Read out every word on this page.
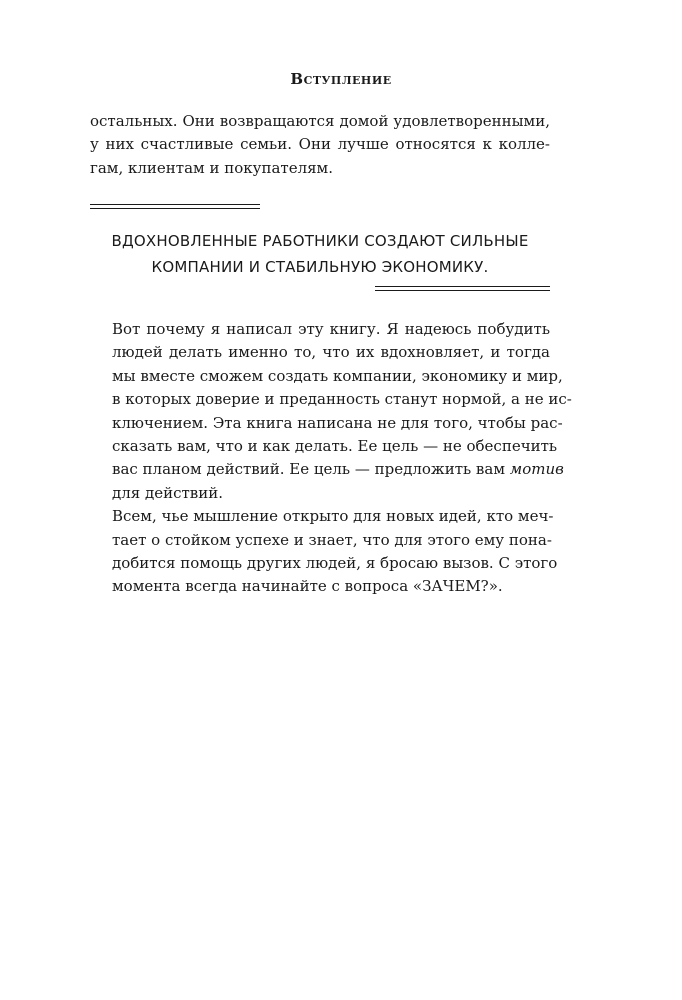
Вступление

остальных. Они возвращаются домой удовлетворенными,
у них счастливые семьи. Они лучше относятся к колле-
гам, клиентам и покупателям.

ВДОХНОВЛЕННЫЕ РАБОТНИКИ СОЗДАЮТ СИЛЬНЫЕ
КОМПАНИИ И СТАБИЛЬНУЮ ЭКОНОМИКУ.

Вот почему я написал эту книгу. Я надеюсь побудить
людей делать именно то, что их вдохновляет, и тогда
мы вместе сможем создать компании, экономику и мир,
в которых доверие и преданность станут нормой, а не ис-
ключением. Эта книга написана не для того, чтобы рас-
сказать вам, что и как делать. Ее цель — не обеспечить
вас планом действий. Ее цель — предложить вам мотив
для действий.

Всем, чье мышление открыто для новых идей, кто меч-
тает о стойком успехе и знает, что для этого ему пона-
добится помощь других людей, я бросаю вызов. С этого
момента всегда начинайте с вопроса «ЗАЧЕМ?».
